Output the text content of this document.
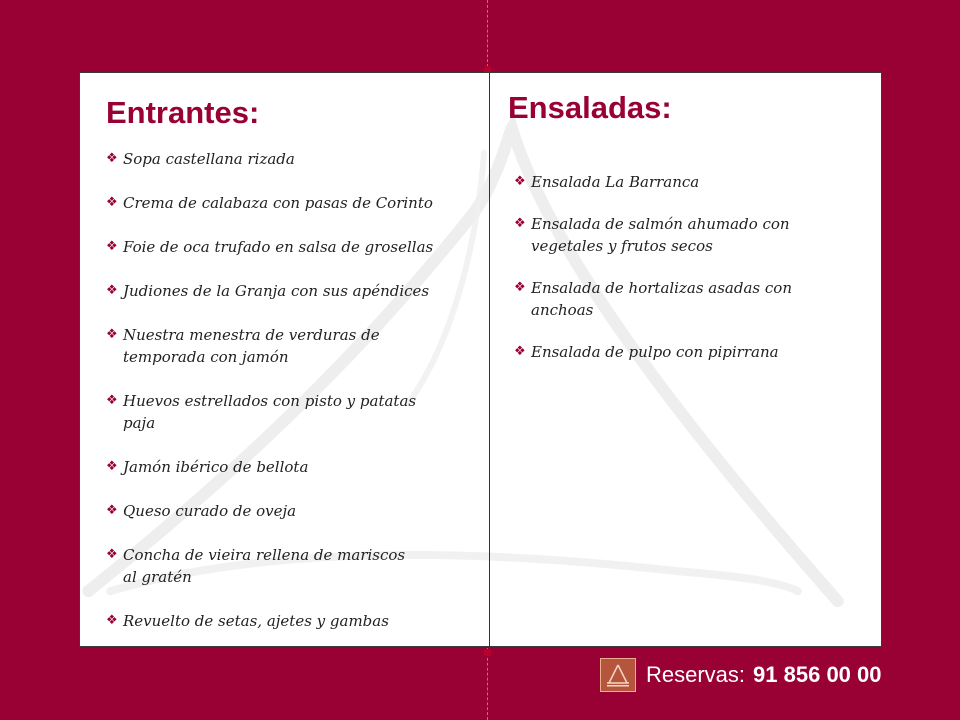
Entrantes:
❖ Sopa castellana rizada
❖ Crema de calabaza con pasas de Corinto
❖ Foie de oca trufado en salsa de grosellas
❖ Judiones de la Granja con sus apéndices
❖ Nuestra menestra de verduras de
temporada con jamón
❖ Huevos estrellados con pisto y patatas
paja
❖ Jamón ibérico de bellota
❖ Queso curado de oveja
❖ Concha de vieira rellena de mariscos
al gratén
❖ Revuelto de setas, ajetes y gambas
Ensaladas:
❖ Ensalada La Barranca
❖ Ensalada de salmón ahumado con
vegetales y frutos secos
❖ Ensalada de hortalizas asadas con
anchoas
❖ Ensalada de pulpo con pipirrana
Reservas: 91 856 00 00
